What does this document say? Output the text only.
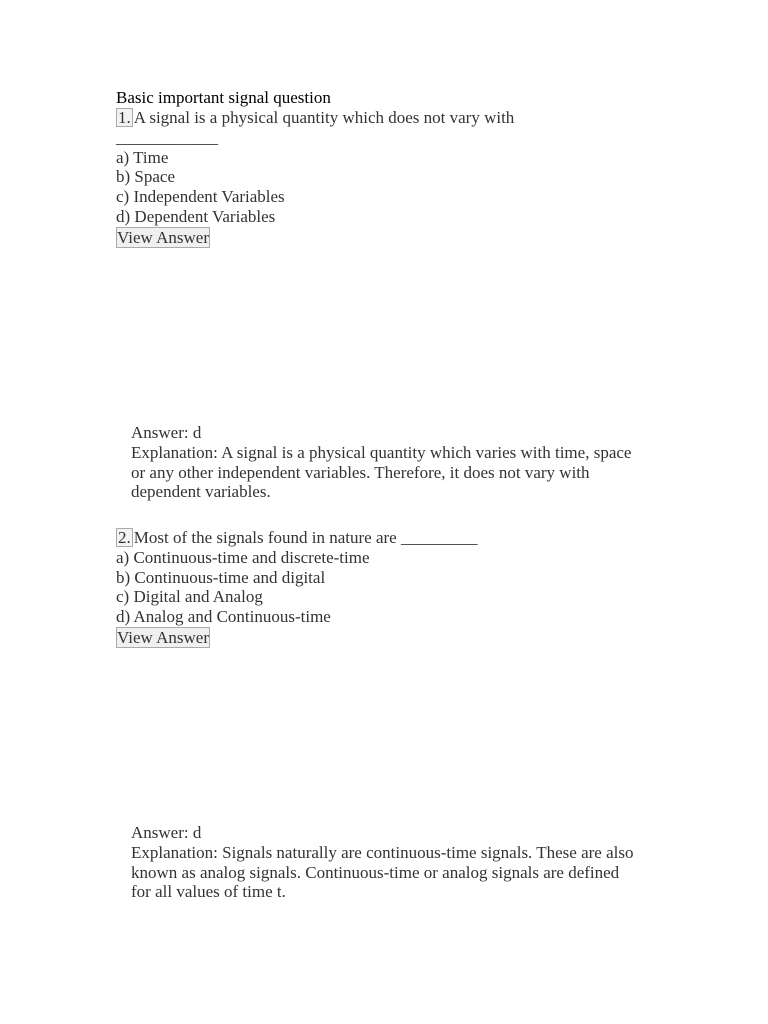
Basic important signal question

1. A signal is a physical quantity which does not vary with

____________

a) Time
b) Space
c) Independent Variables
d) Dependent Variables
View Answer

Answer: d

Explanation: A signal is a physical quantity which varies with time, space or any other independent variables. Therefore, it does not vary with dependent variables.

2. Most of the signals found in nature are _________

a) Continuous-time and discrete-time
b) Continuous-time and digital
c) Digital and Analog
d) Analog and Continuous-time
View Answer

Answer: d

Explanation: Signals naturally are continuous-time signals. These are also known as analog signals. Continuous-time or analog signals are defined for all values of time t.
